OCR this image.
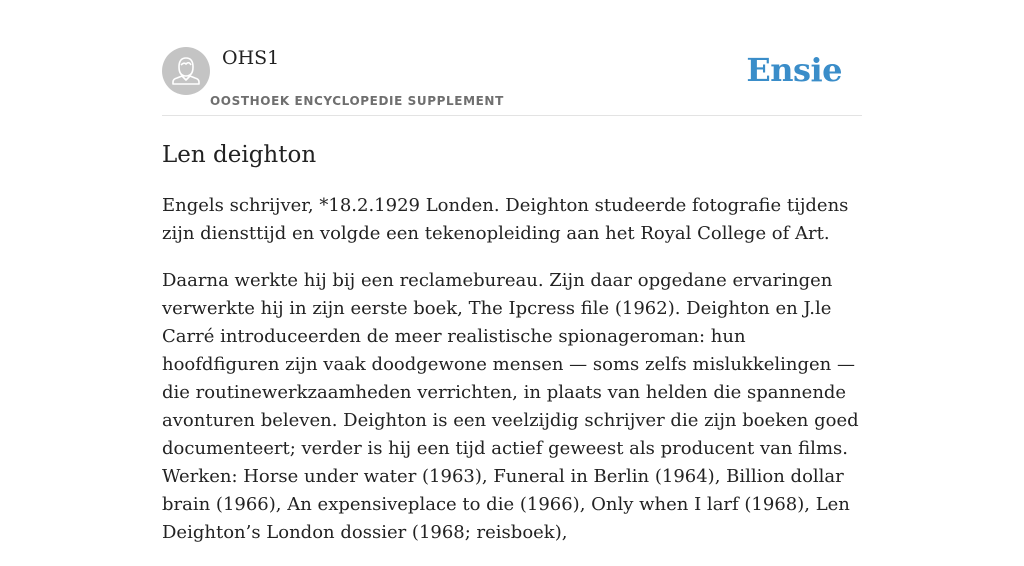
OHS1
OOSTHOEK ENCYCLOPEDIE SUPPLEMENT
Ensie
Len deighton

Engels schrijver, *18.2.1929 Londen. Deighton studeerde fotografie tijdens zijn diensttijd en volgde een tekenopleiding aan het Royal College of Art.

Daarna werkte hij bij een reclamebureau. Zijn daar opgedane ervaringen verwerkte hij in zijn eerste boek, The Ipcress file (1962). Deighton en J.le Carré introduceerden de meer realistische spionageroman: hun hoofdfiguren zijn vaak doodgewone mensen — soms zelfs mislukkelingen — die routinewerkzaamheden verrichten, in plaats van helden die spannende avonturen beleven. Deighton is een veelzijdig schrijver die zijn boeken goed documenteert; verder is hij een tijd actief geweest als producent van films. Werken: Horse under water (1963), Funeral in Berlin (1964), Billion dollar brain (1966), An expensiveplace to die (1966), Only when I larf (1968), Len Deighton’s London dossier (1968; reisboek),
